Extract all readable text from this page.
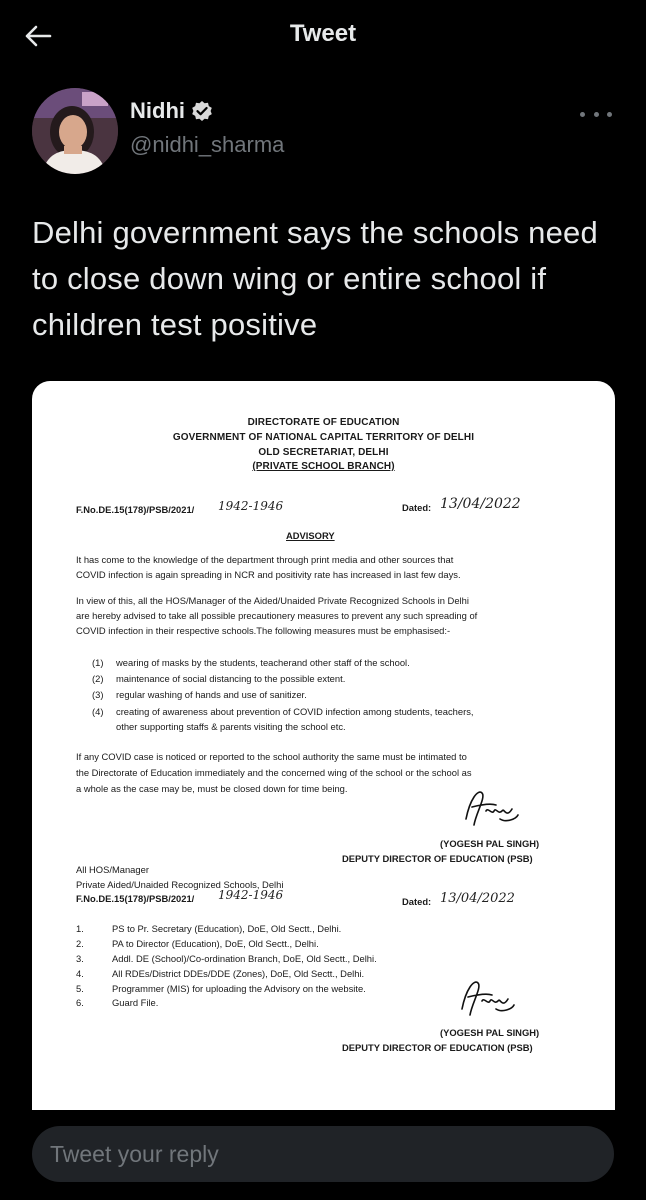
Tweet
Nidhi
@nidhi_sharma
Delhi government says the schools need to close down wing or entire school if children test positive
DIRECTORATE OF EDUCATION
GOVERNMENT OF NATIONAL CAPITAL TERRITORY OF DELHI
OLD SECRETARIAT, DELHI
(PRIVATE SCHOOL BRANCH)
F.No.DE.15(178)/PSB/2021/ 1942-1946	Dated: 13/04/2022
ADVISORY
It has come to the knowledge of the department through print media and other sources that
COVID infection is again spreading in NCR and positivity rate has increased in last few days.
In view of this, all the HOS/Manager of the Aided/Unaided Private Recognized Schools in Delhi
are hereby advised to take all possible precautionery measures to prevent any such spreading of
COVID infection in their respective schools.The following measures must be emphasised:-
(1) wearing of masks by the students, teacherand other staff of the school.
(2) maintenance of social distancing to the possible extent.
(3) regular washing of hands and use of sanitizer.
(4) creating of awareness about prevention of COVID infection among students, teachers,
other supporting staffs & parents visiting the school etc.
If any COVID case is noticed or reported to the school authority the same must be intimated to
the Directorate of Education immediately and the concerned wing of the school or the school as
a whole as the case may be, must be closed down for time being.
(YOGESH PAL SINGH)
DEPUTY DIRECTOR OF EDUCATION (PSB)
All HOS/Manager
Private Aided/Unaided Recognized Schools, Delhi
F.No.DE.15(178)/PSB/2021/ 1942-1946	Dated: 13/04/2022
1.	PS to Pr. Secretary (Education), DoE, Old Sectt., Delhi.
2.	PA to Director (Education), DoE, Old Sectt., Delhi.
3.	Addl. DE (School)/Co-ordination Branch, DoE, Old Sectt., Delhi.
4.	All RDEs/District DDEs/DDE (Zones), DoE, Old Sectt., Delhi.
5.	Programmer (MIS) for uploading the Advisory on the website.
6.	Guard File.
(YOGESH PAL SINGH)
DEPUTY DIRECTOR OF EDUCATION (PSB)
Tweet your reply
